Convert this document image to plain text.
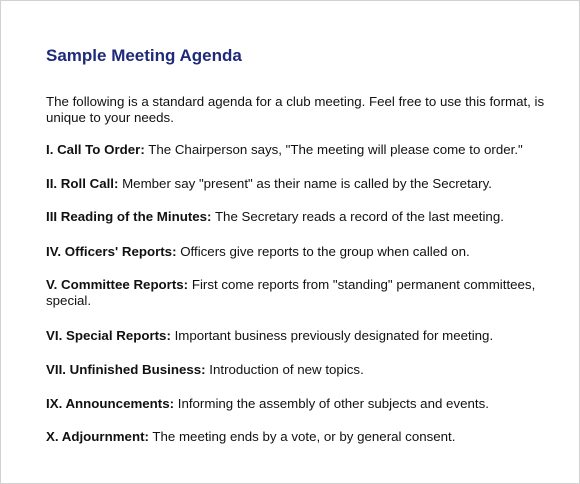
Sample Meeting Agenda
The following is a standard agenda for a club meeting. Feel free to use this format, is unique to your needs.
I. Call To Order: The Chairperson says, "The meeting will please come to order."
II. Roll Call: Member say "present" as their name is called by the Secretary.
III Reading of the Minutes: The Secretary reads a record of the last meeting.
IV. Officers' Reports: Officers give reports to the group when called on.
V. Committee Reports: First come reports from "standing" permanent committees, special.
VI. Special Reports: Important business previously designated for meeting.
VII. Unfinished Business: Introduction of new topics.
IX. Announcements: Informing the assembly of other subjects and events.
X. Adjournment: The meeting ends by a vote, or by general consent.
